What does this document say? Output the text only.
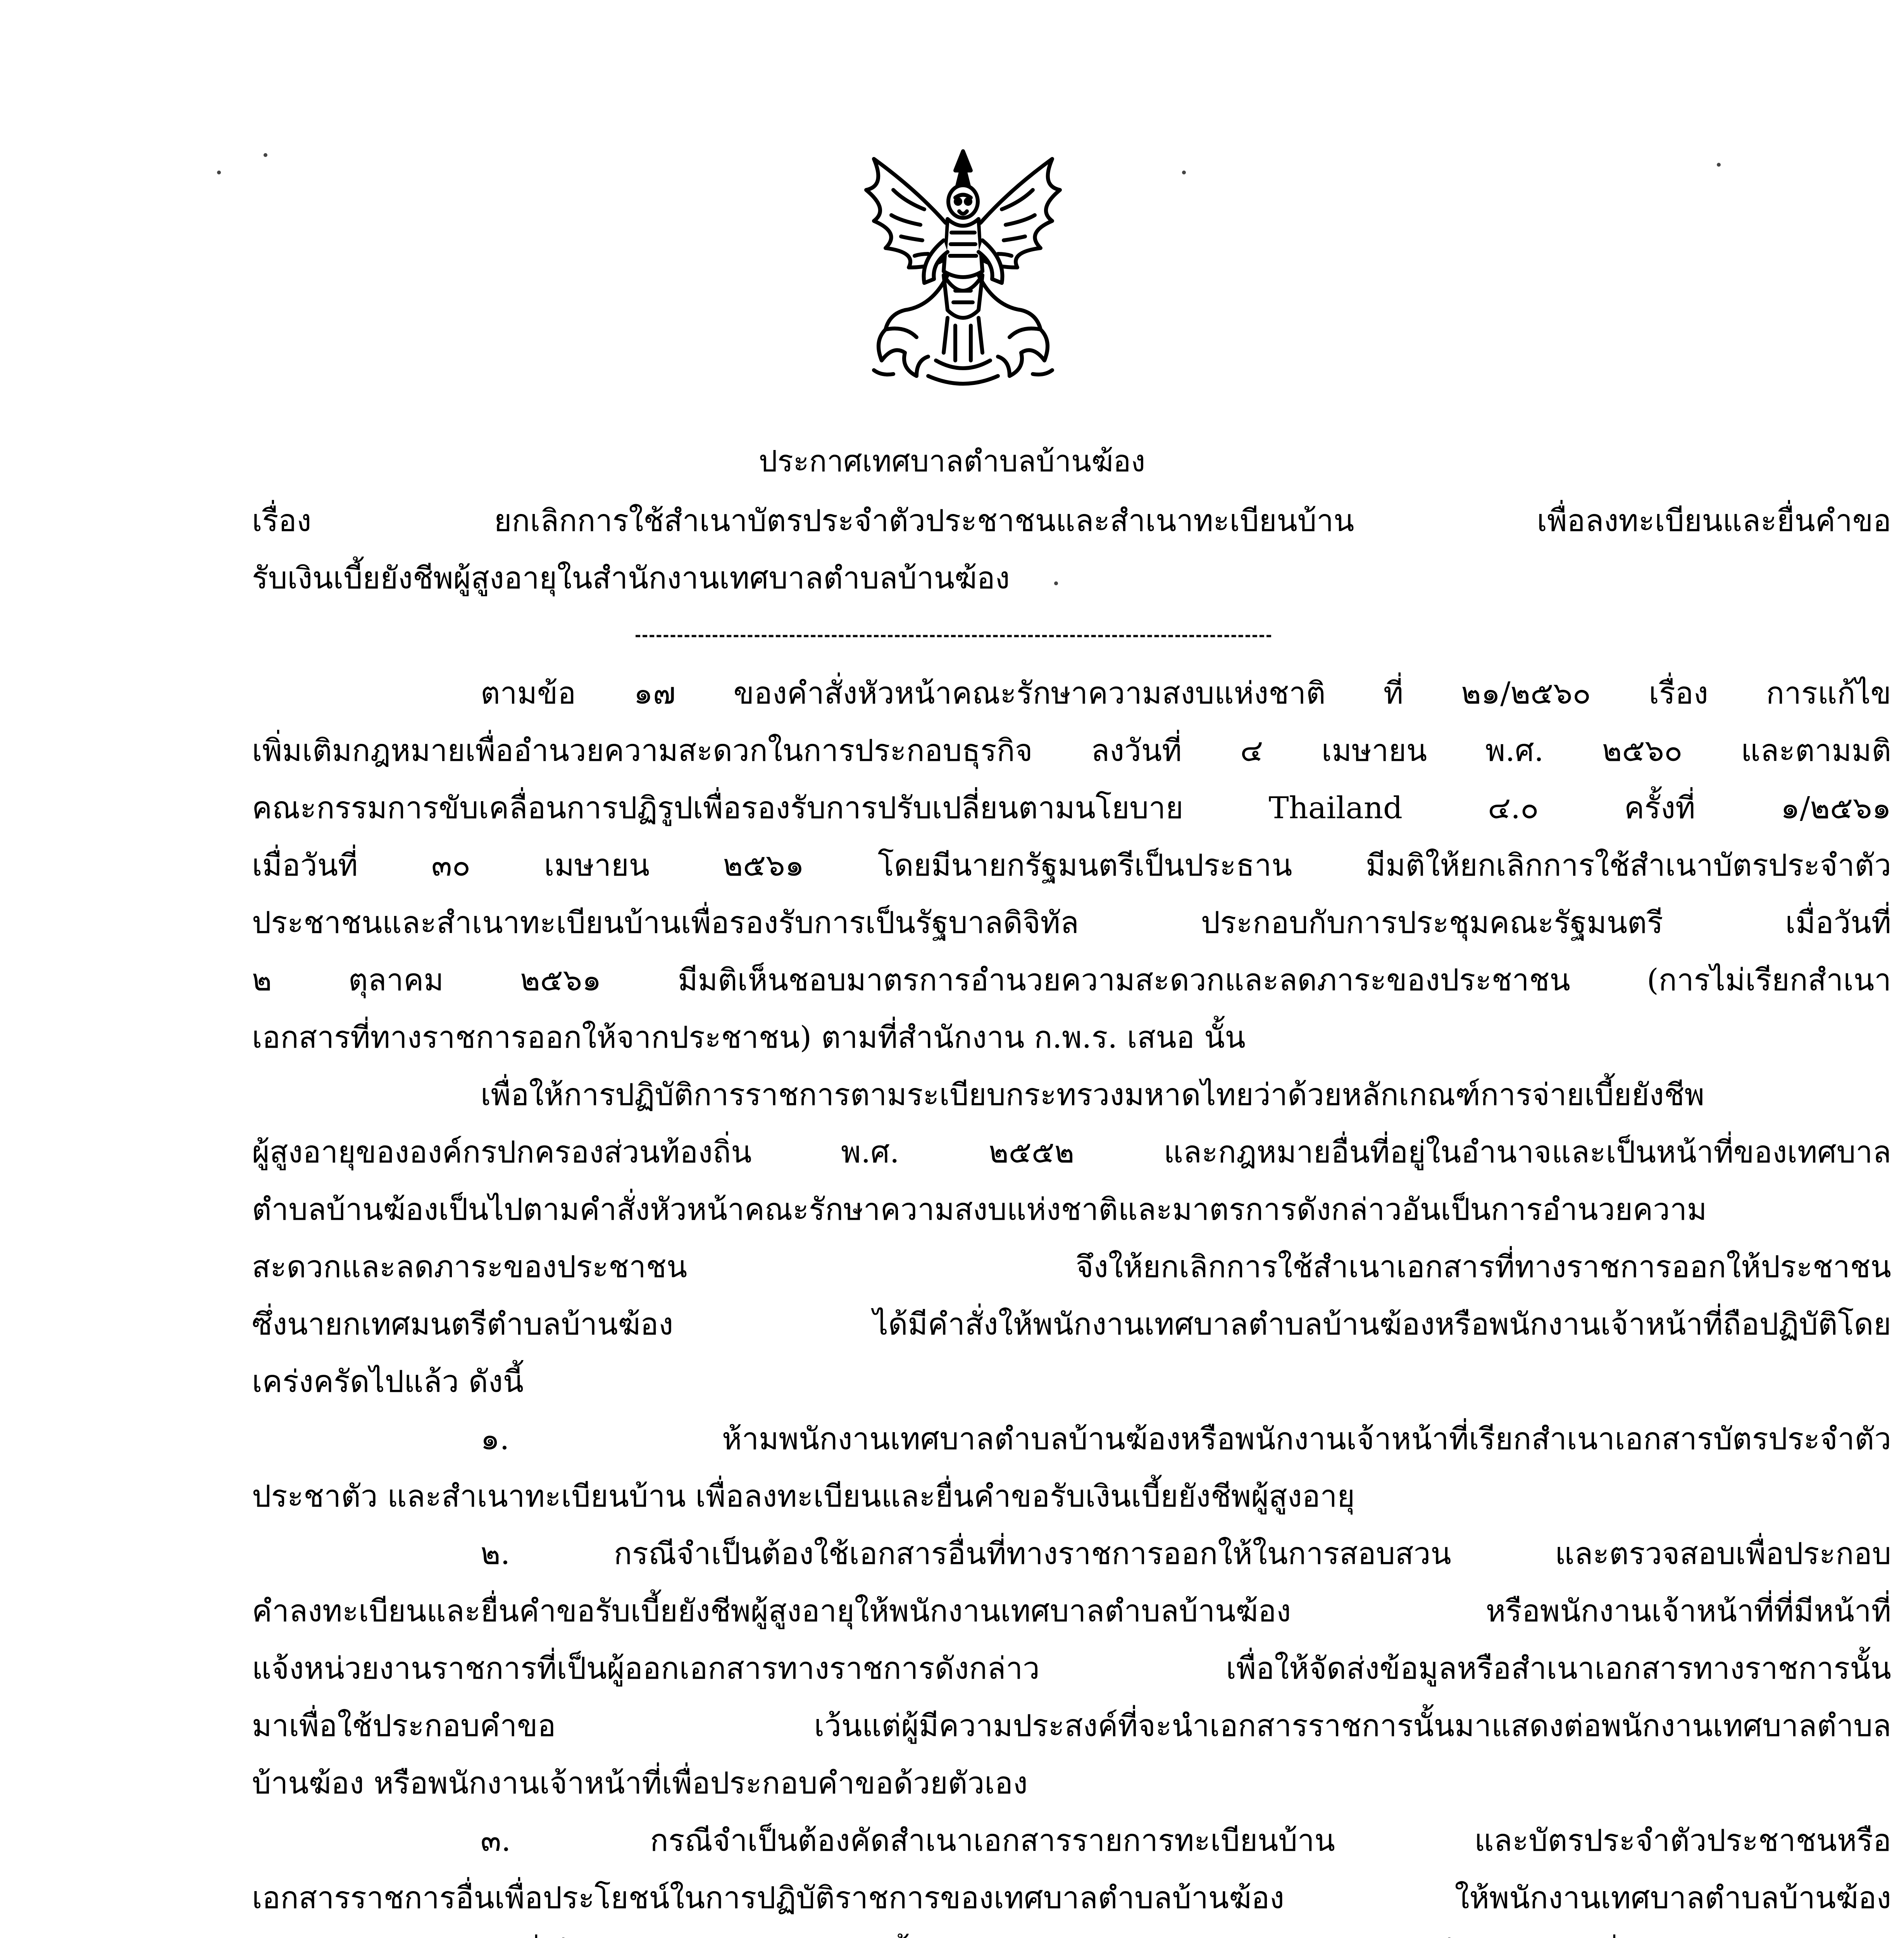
ประกาศเทศบาลตำบลบ้านฆ้อง
เรื่อง ยกเลิกการใช้สำเนาบัตรประจำตัวประชาชนและสำเนาทะเบียนบ้าน เพื่อลงทะเบียนและยื่นคำขอ
รับเงินเบี้ยยังชีพผู้สูงอายุในสำนักงานเทศบาลตำบลบ้านฆ้อง
ตามข้อ ๑๗ ของคำสั่งหัวหน้าคณะรักษาความสงบแห่งชาติ ที่ ๒๑/๒๕๖๐ เรื่อง การแก้ไข
เพิ่มเติมกฎหมายเพื่ออำนวยความสะดวกในการประกอบธุรกิจ ลงวันที่ ๔ เมษายน พ.ศ. ๒๕๖๐ และตามมติ
คณะกรรมการขับเคลื่อนการปฏิรูปเพื่อรองรับการปรับเปลี่ยนตามนโยบาย Thailand ๔.๐ ครั้งที่ ๑/๒๕๖๑
เมื่อวันที่ ๓๐ เมษายน ๒๕๖๑ โดยมีนายกรัฐมนตรีเป็นประธาน มีมติให้ยกเลิกการใช้สำเนาบัตรประจำตัว
ประชาชนและสำเนาทะเบียนบ้านเพื่อรองรับการเป็นรัฐบาลดิจิทัล ประกอบกับการประชุมคณะรัฐมนตรี เมื่อวันที่
๒ ตุลาคม ๒๕๖๑ มีมติเห็นชอบมาตรการอำนวยความสะดวกและลดภาระของประชาชน (การไม่เรียกสำเนา
เอกสารที่ทางราชการออกให้จากประชาชน) ตามที่สำนักงาน ก.พ.ร. เสนอ นั้น
เพื่อให้การปฏิบัติการราชการตามระเบียบกระทรวงมหาดไทยว่าด้วยหลักเกณฑ์การจ่ายเบี้ยยังชีพ
ผู้สูงอายุขององค์กรปกครองส่วนท้องถิ่น พ.ศ. ๒๕๕๒ และกฎหมายอื่นที่อยู่ในอำนาจและเป็นหน้าที่ของเทศบาล
ตำบลบ้านฆ้องเป็นไปตามคำสั่งหัวหน้าคณะรักษาความสงบแห่งชาติและมาตรการดังกล่าวอันเป็นการอำนวยความ
สะดวกและลดภาระของประชาชน จึงให้ยกเลิกการใช้สำเนาเอกสารที่ทางราชการออกให้ประชาชน
ซึ่งนายกเทศมนตรีตำบลบ้านฆ้อง ได้มีคำสั่งให้พนักงานเทศบาลตำบลบ้านฆ้องหรือพนักงานเจ้าหน้าที่ถือปฏิบัติโดย
เคร่งครัดไปแล้ว ดังนี้
๑. ห้ามพนักงานเทศบาลตำบลบ้านฆ้องหรือพนักงานเจ้าหน้าที่เรียกสำเนาเอกสารบัตรประจำตัว
ประชาตัว และสำเนาทะเบียนบ้าน เพื่อลงทะเบียนและยื่นคำขอรับเงินเบี้ยยังชีพผู้สูงอายุ
๒. กรณีจำเป็นต้องใช้เอกสารอื่นที่ทางราชการออกให้ในการสอบสวน และตรวจสอบเพื่อประกอบ
คำลงทะเบียนและยื่นคำขอรับเบี้ยยังชีพผู้สูงอายุให้พนักงานเทศบาลตำบลบ้านฆ้อง หรือพนักงานเจ้าหน้าที่ที่มีหน้าที่
แจ้งหน่วยงานราชการที่เป็นผู้ออกเอกสารทางราชการดังกล่าว เพื่อให้จัดส่งข้อมูลหรือสำเนาเอกสารทางราชการนั้น
มาเพื่อใช้ประกอบคำขอ เว้นแต่ผู้มีความประสงค์ที่จะนำเอกสารราชการนั้นมาแสดงต่อพนักงานเทศบาลตำบล
บ้านฆ้อง หรือพนักงานเจ้าหน้าที่เพื่อประกอบคำขอด้วยตัวเอง
๓. กรณีจำเป็นต้องคัดสำเนาเอกสารรายการทะเบียนบ้าน และบัตรประจำตัวประชาชนหรือ
เอกสารราชการอื่นเพื่อประโยชน์ในการปฏิบัติราชการของเทศบาลตำบลบ้านฆ้อง ให้พนักงานเทศบาลตำบลบ้านฆ้อง
